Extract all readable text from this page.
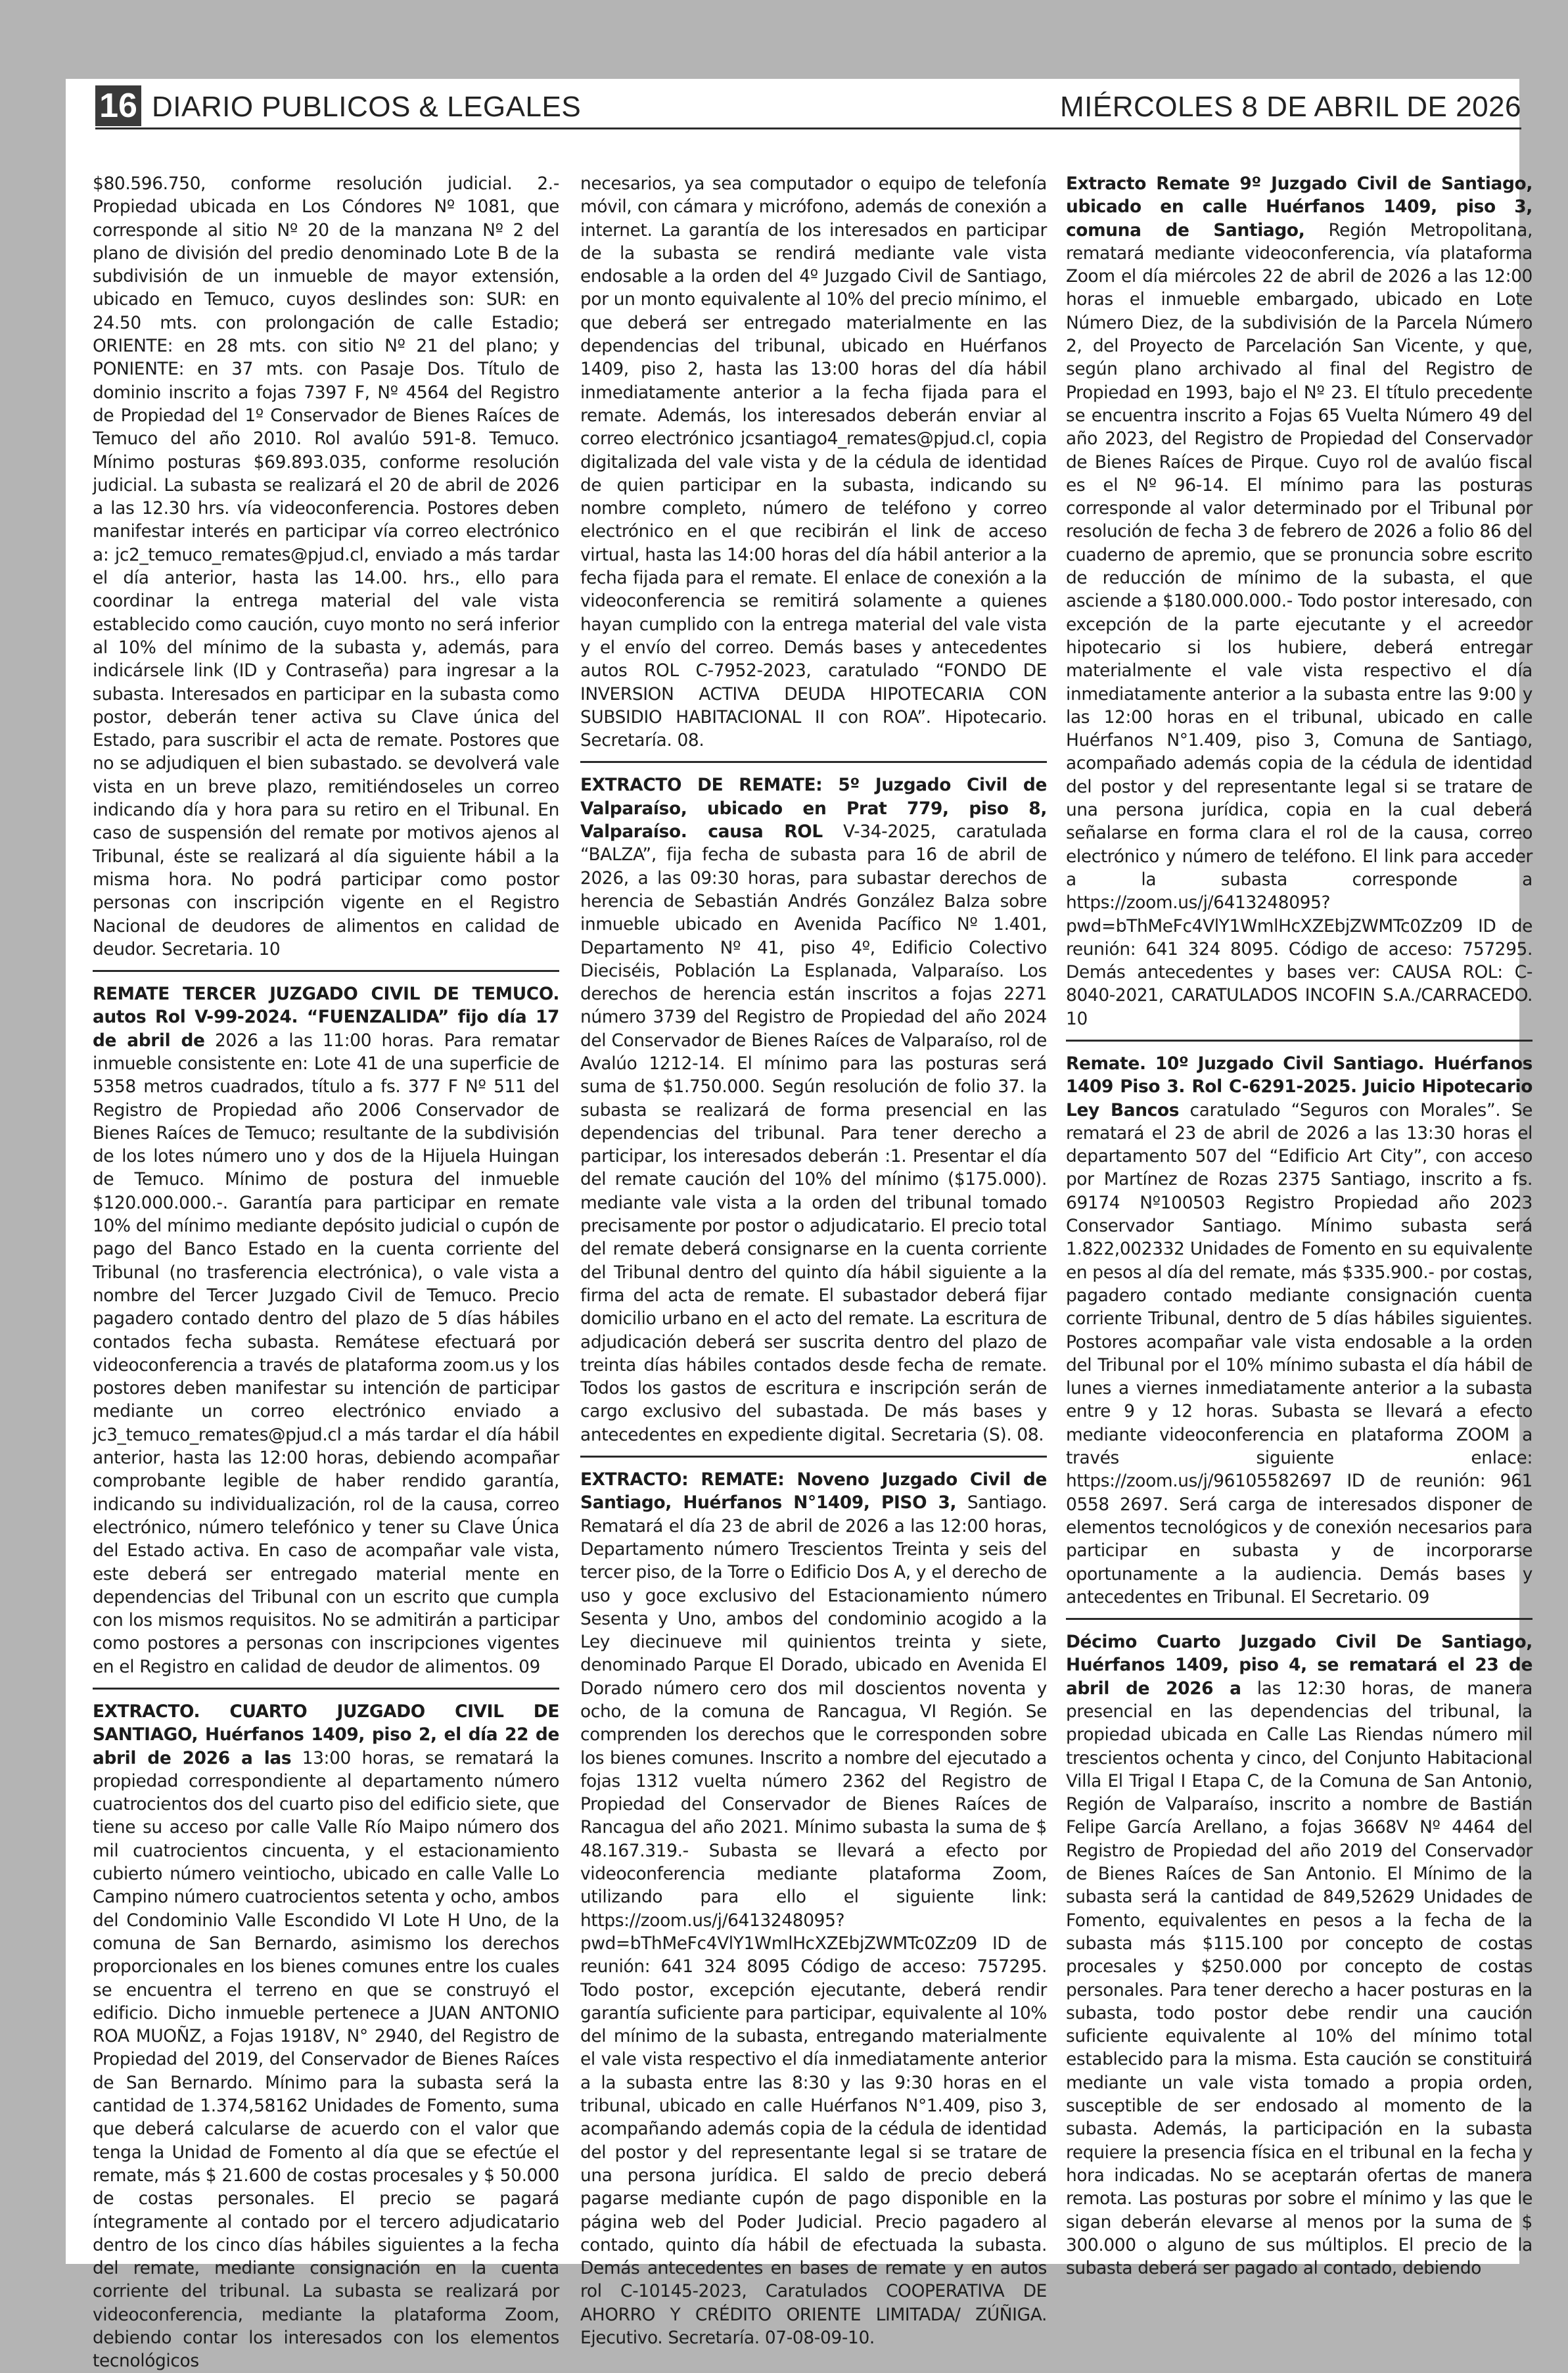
16 DIARIO PUBLICOS & LEGALES	MIÉRCOLES 8 DE ABRIL DE 2026

$80.596.750, conforme resolución judicial. 2.- Propiedad ubicada en Los Cóndores Nº 1081, que corresponde al sitio Nº 20 de la manzana Nº 2 del plano de división del predio denominado Lote B de la subdivisión de un inmueble de mayor extensión, ubicado en Temuco, cuyos deslindes son: SUR: en 24.50 mts. con prolongación de calle Estadio; ORIENTE: en 28 mts. con sitio Nº 21 del plano; y PONIENTE: en 37 mts. con Pasaje Dos. Título de dominio inscrito a fojas 7397 F, Nº 4564 del Registro de Propiedad del 1º Conservador de Bienes Raíces de Temuco del año 2010. Rol avalúo 591-8. Temuco. Mínimo posturas $69.893.035, conforme resolución judicial. La subasta se realizará el 20 de abril de 2026 a las 12.30 hrs. vía videoconferencia. Postores deben manifestar interés en participar vía correo electrónico a: jc2_temuco_remates@pjud.cl, enviado a más tardar el día anterior, hasta las 14.00. hrs., ello para coordinar la entrega material del vale vista establecido como caución, cuyo monto no será inferior al 10% del mínimo de la subasta y, además, para indicársele link (ID y Contraseña) para ingresar a la subasta. Interesados en participar en la subasta como postor, deberán tener activa su Clave única del Estado, para suscribir el acta de remate. Postores que no se adjudiquen el bien subastado. se devolverá vale vista en un breve plazo, remitiéndoseles un correo indicando día y hora para su retiro en el Tribunal. En caso de suspensión del remate por motivos ajenos al Tribunal, éste se realizará al día siguiente hábil a la misma hora. No podrá participar como postor personas con inscripción vigente en el Registro Nacional de deudores de alimentos en calidad de deudor. Secretaria. 10

REMATE TERCER JUZGADO CIVIL DE TEMUCO. autos Rol V-99-2024. “FUENZALIDA” fijo día 17 de abril de 2026 a las 11:00 horas. Para rematar inmueble consistente en: Lote 41 de una superficie de 5358 metros cuadrados, título a fs. 377 F Nº 511 del Registro de Propiedad año 2006 Conservador de Bienes Raíces de Temuco; resultante de la subdivisión de los lotes número uno y dos de la Hijuela Huingan de Temuco. Mínimo de postura del inmueble $120.000.000.-. Garantía para participar en remate 10% del mínimo mediante depósito judicial o cupón de pago del Banco Estado en la cuenta corriente del Tribunal (no trasferencia electrónica), o vale vista a nombre del Tercer Juzgado Civil de Temuco. Precio pagadero contado dentro del plazo de 5 días hábiles contados fecha subasta. Remátese efectuará por videoconferencia a través de plataforma zoom.us y los postores deben manifestar su intención de participar mediante un correo electrónico enviado a jc3_temuco_remates@pjud.cl a más tardar el día hábil anterior, hasta las 12:00 horas, debiendo acompañar comprobante legible de haber rendido garantía, indicando su individualización, rol de la causa, correo electrónico, número telefónico y tener su Clave Única del Estado activa. En caso de acompañar vale vista, este deberá ser entregado material mente en dependencias del Tribunal con un escrito que cumpla con los mismos requisitos. No se admitirán a participar como postores a personas con inscripciones vigentes en el Registro en calidad de deudor de alimentos. 09

EXTRACTO. CUARTO JUZGADO CIVIL DE SANTIAGO, Huérfanos 1409, piso 2, el día 22 de abril de 2026 a las 13:00 horas, se rematará la propiedad correspondiente al departamento número cuatrocientos dos del cuarto piso del edificio siete, que tiene su acceso por calle Valle Río Maipo número dos mil cuatrocientos cincuenta, y el estacionamiento cubierto número veintiocho, ubicado en calle Valle Lo Campino número cuatrocientos setenta y ocho, ambos del Condominio Valle Escondido VI Lote H Uno, de la comuna de San Bernardo, asimismo los derechos proporcionales en los bienes comunes entre los cuales se encuentra el terreno en que se construyó el edificio. Dicho inmueble pertenece a JUAN ANTONIO ROA MUOÑZ, a Fojas 1918V, N° 2940, del Registro de Propiedad del 2019, del Conservador de Bienes Raíces de San Bernardo. Mínimo para la subasta será la cantidad de 1.374,58162 Unidades de Fomento, suma que deberá calcularse de acuerdo con el valor que tenga la Unidad de Fomento al día que se efectúe el remate, más $ 21.600 de costas procesales y $ 50.000 de costas personales. El precio se pagará íntegramente al contado por el tercero adjudicatario dentro de los cinco días hábiles siguientes a la fecha del remate, mediante consignación en la cuenta corriente del tribunal. La subasta se realizará por videoconferencia, mediante la plataforma Zoom, debiendo contar los interesados con los elementos tecnológicos

necesarios, ya sea computador o equipo de telefonía móvil, con cámara y micrófono, además de conexión a internet. La garantía de los interesados en participar de la subasta se rendirá mediante vale vista endosable a la orden del 4º Juzgado Civil de Santiago, por un monto equivalente al 10% del precio mínimo, el que deberá ser entregado materialmente en las dependencias del tribunal, ubicado en Huérfanos 1409, piso 2, hasta las 13:00 horas del día hábil inmediatamente anterior a la fecha fijada para el remate. Además, los interesados deberán enviar al correo electrónico jcsantiago4_remates@pjud.cl, copia digitalizada del vale vista y de la cédula de identidad de quien participar en la subasta, indicando su nombre completo, número de teléfono y correo electrónico en el que recibirán el link de acceso virtual, hasta las 14:00 horas del día hábil anterior a la fecha fijada para el remate. El enlace de conexión a la videoconferencia se remitirá solamente a quienes hayan cumplido con la entrega material del vale vista y el envío del correo. Demás bases y antecedentes autos ROL C-7952-2023, caratulado “FONDO DE INVERSION ACTIVA DEUDA HIPOTECARIA CON SUBSIDIO HABITACIONAL II con ROA”. Hipotecario. Secretaría. 08.

EXTRACTO DE REMATE: 5º Juzgado Civil de Valparaíso, ubicado en Prat 779, piso 8, Valparaíso. causa ROL V-34-2025, caratulada “BALZA”, fija fecha de subasta para 16 de abril de 2026, a las 09:30 horas, para subastar derechos de herencia de Sebastián Andrés González BaIza sobre inmueble ubicado en Avenida Pacífico Nº 1.401, Departamento Nº 41, piso 4º, Edificio Colectivo Dieciséis, Población La Esplanada, Valparaíso. Los derechos de herencia están inscritos a fojas 2271 número 3739 del Registro de Propiedad del año 2024 del Conservador de Bienes Raíces de Valparaíso, rol de Avalúo 1212-14. El mínimo para las posturas será suma de $1.750.000. Según resolución de folio 37. la subasta se realizará de forma presencial en las dependencias del tribunal. Para tener derecho a participar, los interesados deberán :1. Presentar el día del remate caución del 10% del mínimo ($175.000). mediante vale vista a la orden del tribunal tomado precisamente por postor o adjudicatario. El precio total del remate deberá consignarse en la cuenta corriente del Tribunal dentro del quinto día hábil siguiente a la firma del acta de remate. El subastador deberá fijar domicilio urbano en el acto del remate. La escritura de adjudicación deberá ser suscrita dentro del plazo de treinta días hábiles contados desde fecha de remate. Todos los gastos de escritura e inscripción serán de cargo exclusivo del subastada. De más bases y antecedentes en expediente digital. Secretaria (S). 08.

EXTRACTO: REMATE: Noveno Juzgado Civil de Santiago, Huérfanos N°1409, PISO 3, Santiago. Rematará el día 23 de abril de 2026 a las 12:00 horas, Departamento número Trescientos Treinta y seis del tercer piso, de la Torre o Edificio Dos A, y el derecho de uso y goce exclusivo del Estacionamiento número Sesenta y Uno, ambos del condominio acogido a la Ley diecinueve mil quinientos treinta y siete, denominado Parque El Dorado, ubicado en Avenida El Dorado número cero dos mil doscientos noventa y ocho, de la comuna de Rancagua, VI Región. Se comprenden los derechos que le corresponden sobre los bienes comunes. Inscrito a nombre del ejecutado a fojas 1312 vuelta número 2362 del Registro de Propiedad del Conservador de Bienes Raíces de Rancagua del año 2021. Mínimo subasta la suma de $ 48.167.319.- Subasta se llevará a efecto por videoconferencia mediante plataforma Zoom, utilizando para ello el siguiente link: https://zoom.us/j/6413248095?pwd=bThMeFc4VlY1WmlHcXZEbjZWMTc0Zz09 ID de reunión: 641 324 8095 Código de acceso: 757295. Todo postor, excepción ejecutante, deberá rendir garantía suficiente para participar, equivalente al 10% del mínimo de la subasta, entregando materialmente el vale vista respectivo el día inmediatamente anterior a la subasta entre las 8:30 y las 9:30 horas en el tribunal, ubicado en calle Huérfanos N°1.409, piso 3, acompañando además copia de la cédula de identidad del postor y del representante legal si se tratare de una persona jurídica. El saldo de precio deberá pagarse mediante cupón de pago disponible en la página web del Poder Judicial. Precio pagadero al contado, quinto día hábil de efectuada la subasta. Demás antecedentes en bases de remate y en autos rol C-10145-2023, Caratulados COOPERATIVA DE AHORRO Y CRÉDITO ORIENTE LIMITADA/ ZÚÑIGA. Ejecutivo. Secretaría. 07-08-09-10.

Extracto Remate 9º Juzgado Civil de Santiago, ubicado en calle Huérfanos 1409, piso 3, comuna de Santiago, Región Metropolitana, rematará mediante videoconferencia, vía plataforma Zoom el día miércoles 22 de abril de 2026 a las 12:00 horas el inmueble embargado, ubicado en Lote Número Diez, de la subdivisión de la Parcela Número 2, del Proyecto de Parcelación San Vicente, y que, según plano archivado al final del Registro de Propiedad en 1993, bajo el Nº 23. El título precedente se encuentra inscrito a Fojas 65 Vuelta Número 49 del año 2023, del Registro de Propiedad del Conservador de Bienes Raíces de Pirque. Cuyo rol de avalúo fiscal es el Nº 96-14. El mínimo para las posturas corresponde al valor determinado por el Tribunal por resolución de fecha 3 de febrero de 2026 a folio 86 del cuaderno de apremio, que se pronuncia sobre escrito de reducción de mínimo de la subasta, el que asciende a $180.000.000.- Todo postor interesado, con excepción de la parte ejecutante y el acreedor hipotecario si los hubiere, deberá entregar materialmente el vale vista respectivo el día inmediatamente anterior a la subasta entre las 9:00 y las 12:00 horas en el tribunal, ubicado en calle Huérfanos N°1.409, piso 3, Comuna de Santiago, acompañado además copia de la cédula de identidad del postor y del representante legal si se tratare de una persona jurídica, copia en la cual deberá señalarse en forma clara el rol de la causa, correo electrónico y número de teléfono. El link para acceder a la subasta corresponde a https://zoom.us/j/6413248095?pwd=bThMeFc4VlY1WmlHcXZEbjZWMTc0Zz09 ID de reunión: 641 324 8095. Código de acceso: 757295. Demás antecedentes y bases ver: CAUSA ROL: C-8040-2021, CARATULADOS INCOFIN S.A./CARRACEDO. 10

Remate. 10º Juzgado Civil Santiago. Huérfanos 1409 Piso 3. Rol C-6291-2025. Juicio Hipotecario Ley Bancos caratulado “Seguros con Morales”. Se rematará el 23 de abril de 2026 a las 13:30 horas el departamento 507 del “Edificio Art City”, con acceso por Martínez de Rozas 2375 Santiago, inscrito a fs. 69174 Nº100503 Registro Propiedad año 2023 Conservador Santiago. Mínimo subasta será 1.822,002332 Unidades de Fomento en su equivalente en pesos al día del remate, más $335.900.- por costas, pagadero contado mediante consignación cuenta corriente Tribunal, dentro de 5 días hábiles siguientes. Postores acompañar vale vista endosable a la orden del Tribunal por el 10% mínimo subasta el día hábil de lunes a viernes inmediatamente anterior a la subasta entre 9 y 12 horas. Subasta se llevará a efecto mediante videoconferencia en plataforma ZOOM a través siguiente enlace: https://zoom.us/j/96105582697 ID de reunión: 961 0558 2697. Será carga de interesados disponer de elementos tecnológicos y de conexión necesarios para participar en subasta y de incorporarse oportunamente a la audiencia. Demás bases y antecedentes en Tribunal. El Secretario. 09

Décimo Cuarto Juzgado Civil De Santiago, Huérfanos 1409, piso 4, se rematará el 23 de abril de 2026 a las 12:30 horas, de manera presencial en las dependencias del tribunal, la propiedad ubicada en Calle Las Riendas número mil trescientos ochenta y cinco, del Conjunto Habitacional Villa El Trigal I Etapa C, de la Comuna de San Antonio, Región de Valparaíso, inscrito a nombre de Bastián Felipe García Arellano, a fojas 3668V Nº 4464 del Registro de Propiedad del año 2019 del Conservador de Bienes Raíces de San Antonio. El Mínimo de la subasta será la cantidad de 849,52629 Unidades de Fomento, equivalentes en pesos a la fecha de la subasta más $115.100 por concepto de costas procesales y $250.000 por concepto de costas personales. Para tener derecho a hacer posturas en la subasta, todo postor debe rendir una caución suficiente equivalente al 10% del mínimo total establecido para la misma. Esta caución se constituirá mediante un vale vista tomado a propia orden, susceptible de ser endosado al momento de la subasta. Además, la participación en la subasta requiere la presencia física en el tribunal en la fecha y hora indicadas. No se aceptarán ofertas de manera remota. Las posturas por sobre el mínimo y las que le sigan deberán elevarse al menos por la suma de $ 300.000 o alguno de sus múltiplos. El precio de la subasta deberá ser pagado al contado, debiendo
